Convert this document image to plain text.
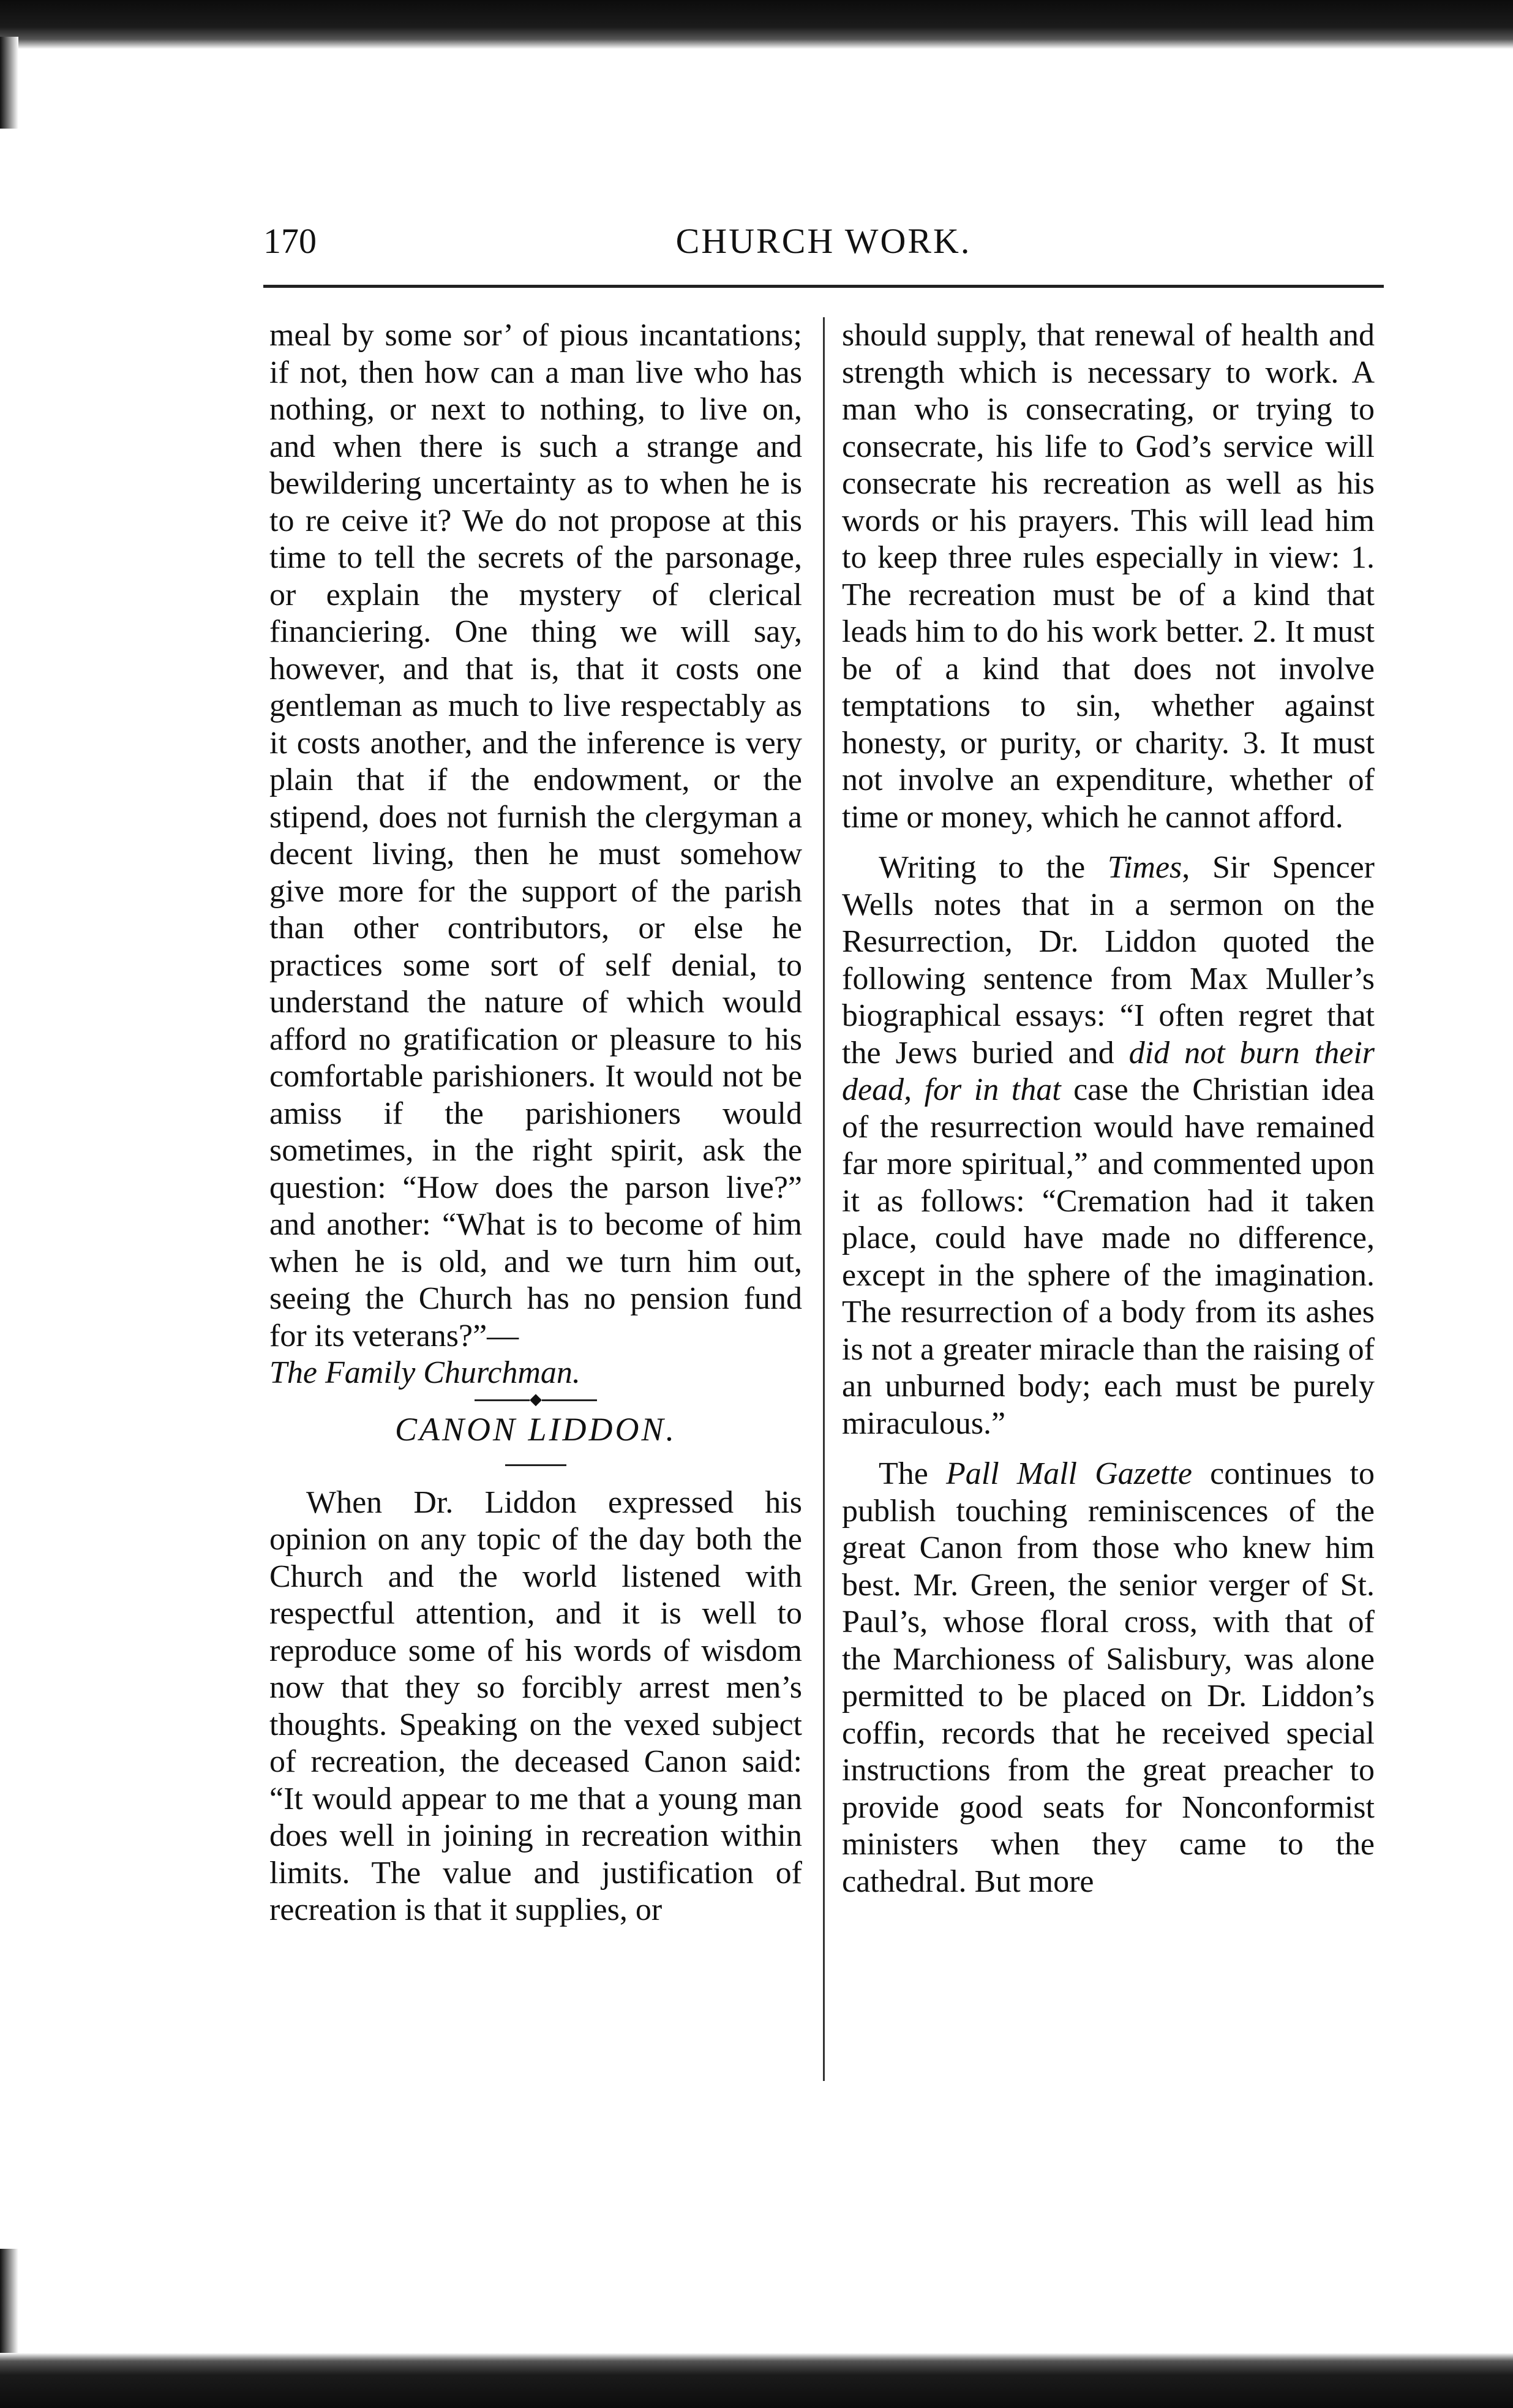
170	CHURCH WORK.

meal by some sor’ of pious incantations; if not, then how can a man live who has nothing, or next to nothing, to live on, and when there is such a strange and bewildering uncertainty as to when he is to re ceive it? We do not propose at this time to tell the secrets of the parsonage, or explain the mystery of clerical financiering. One thing we will say, however, and that is, that it costs one gentleman as much to live respectably as it costs another, and the inference is very plain that if the endowment, or the stipend, does not furnish the clergyman a decent living, then he must somehow give more for the support of the parish than other contributors, or else he practices some sort of self denial, to understand the nature of which would afford no gratification or pleasure to his comfortable parishioners. It would not be amiss if the parishioners would sometimes, in the right spirit, ask the question: “How does the parson live?” and another: “What is to become of him when he is old, and we turn him out, seeing the Church has no pension fund for its veterans?”—

The Family Churchman.

◆

CANON LIDDON.

When Dr. Liddon expressed his opinion on any topic of the day both the Church and the world listened with respectful attention, and it is well to reproduce some of his words of wisdom now that they so forcibly arrest men’s thoughts. Speaking on the vexed subject of recreation, the deceased Canon said: “It would appear to me that a young man does well in joining in recreation within limits. The value and justification of recreation is that it supplies, or

should supply, that renewal of health and strength which is necessary to work. A man who is consecrating, or trying to consecrate, his life to God’s service will consecrate his recreation as well as his words or his prayers. This will lead him to keep three rules especially in view: 1. The recreation must be of a kind that leads him to do his work better. 2. It must be of a kind that does not involve temptations to sin, whether against honesty, or purity, or charity. 3. It must not involve an expenditure, whether of time or money, which he cannot afford.

Writing to the Times, Sir Spencer Wells notes that in a sermon on the Resurrection, Dr. Liddon quoted the following sentence from Max Muller’s biographical essays: “I often regret that the Jews buried and did not burn their dead, for in that case the Christian idea of the resurrection would have remained far more spiritual,” and commented upon it as follows: “Cremation had it taken place, could have made no difference, except in the sphere of the imagination. The resurrection of a body from its ashes is not a greater miracle than the raising of an unburned body; each must be purely miraculous.”

The Pall Mall Gazette continues to publish touching reminiscences of the great Canon from those who knew him best. Mr. Green, the senior verger of St. Paul’s, whose floral cross, with that of the Marchioness of Salisbury, was alone permitted to be placed on Dr. Liddon’s coffin, records that he received special instructions from the great preacher to provide good seats for Nonconformist ministers when they came to the cathedral. But more
